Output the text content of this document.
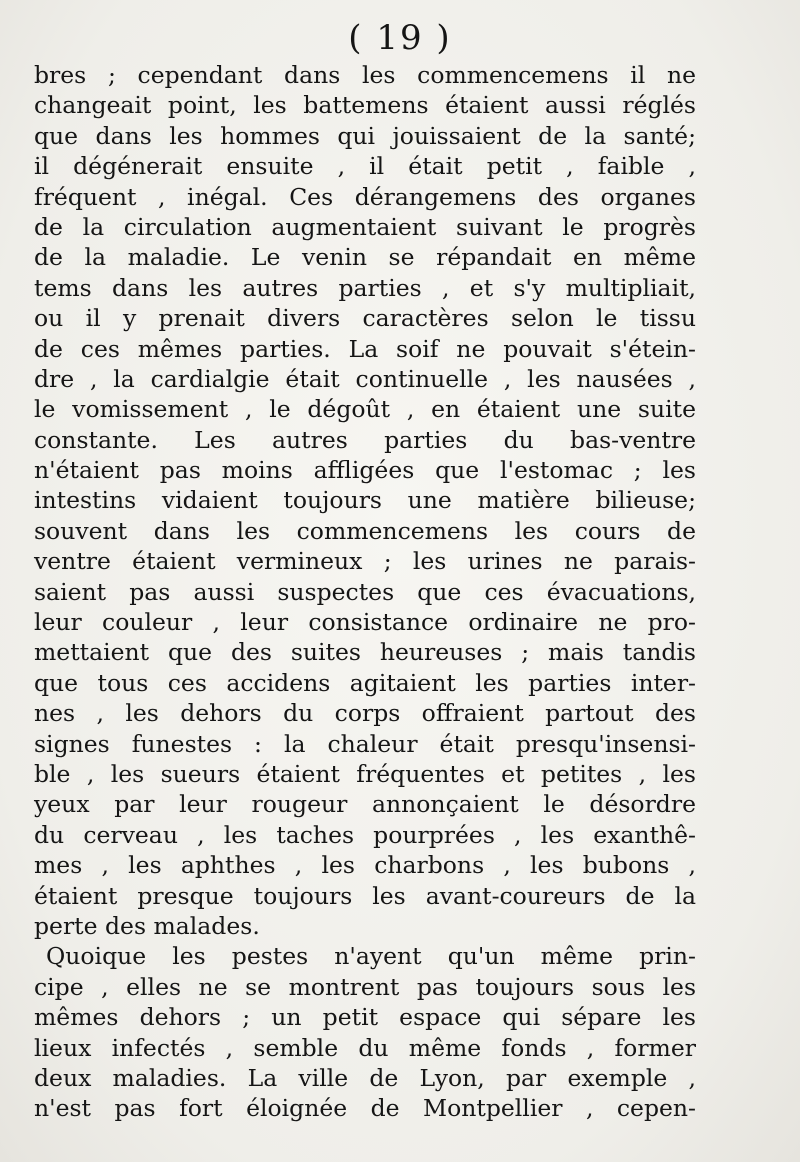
( 19 )
bres ; cependant dans les commencemens il ne
changeait point, les battemens étaient aussi réglés
que dans les hommes qui jouissaient de la santé;
il dégénerait ensuite , il était petit , faible ,
fréquent , inégal. Ces dérangemens des organes
de la circulation augmentaient suivant le progrès
de la maladie. Le venin se répandait en même
tems dans les autres parties , et s'y multipliait,
ou il y prenait divers caractères selon le tissu
de ces mêmes parties. La soif ne pouvait s'étein-
dre , la cardialgie était continuelle , les nausées ,
le vomissement , le dégoût , en étaient une suite
constante. Les autres parties du bas-ventre
n'étaient pas moins affligées que l'estomac ; les
intestins vidaient toujours une matière bilieuse;
souvent dans les commencemens les cours de
ventre étaient vermineux ; les urines ne parais-
saient pas aussi suspectes que ces évacuations,
leur couleur , leur consistance ordinaire ne pro-
mettaient que des suites heureuses ; mais tandis
que tous ces accidens agitaient les parties inter-
nes , les dehors du corps offraient partout des
signes funestes : la chaleur était presqu'insensi-
ble , les sueurs étaient fréquentes et petites , les
yeux par leur rougeur annonçaient le désordre
du cerveau , les taches pourprées , les exanthê-
mes , les aphthes , les charbons , les bubons ,
étaient presque toujours les avant-coureurs de la
perte des malades.
Quoique les pestes n'ayent qu'un même prin-
cipe , elles ne se montrent pas toujours sous les
mêmes dehors ; un petit espace qui sépare les
lieux infectés , semble du même fonds , former
deux maladies. La ville de Lyon, par exemple ,
n'est pas fort éloignée de Montpellier , cepen-
